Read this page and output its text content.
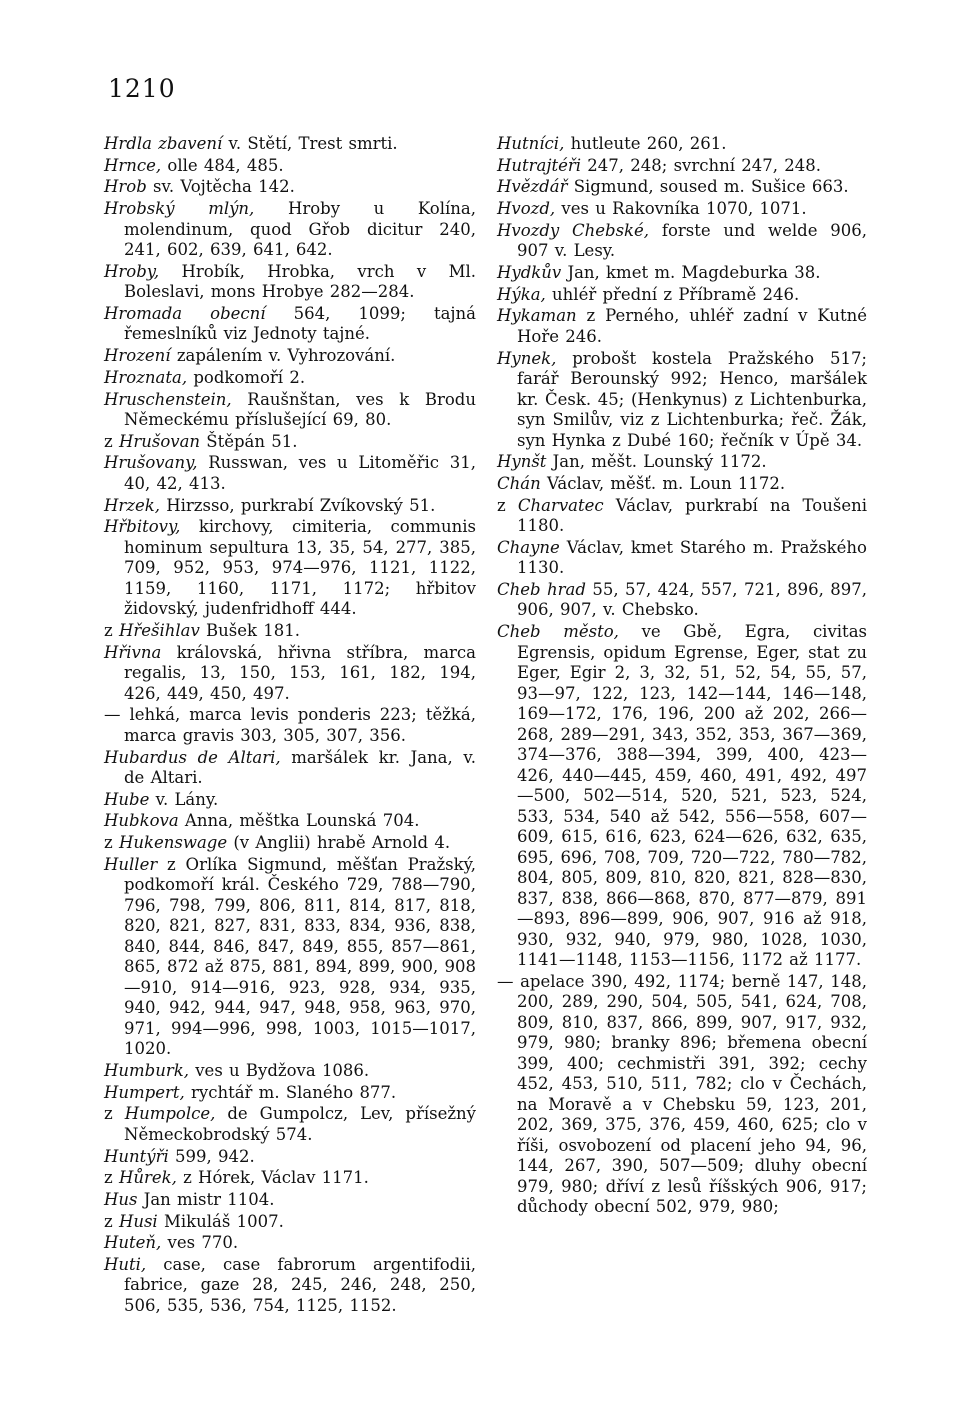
1210
Hrdla zbavení v. Stětí, Trest smrti.
Hrnce, olle 484, 485.
Hrob sv. Vojtěcha 142.
Hrobský mlýn, Hroby u Kolína, molendinum, quod Gřob dicitur 240, 241, 602, 639, 641, 642.
Hroby, Hrobík, Hrobka, vrch v Ml. Boleslavi, mons Hrobye 282—284.
Hromada obecní 564, 1099; tajná řemeslníků viz Jednoty tajné.
Hrození zapálením v. Vyhrozování.
Hroznata, podkomoří 2.
Hruschenstein, Raušnštan, ves k Brodu Německému příslušející 69, 80.
z Hrušovan Štěpán 51.
Hrušovany, Russwan, ves u Litoměřic 31, 40, 42, 413.
Hrzek, Hirzsso, purkrabí Zvíkovský 51.
Hřbitovy, kirchovy, cimiteria, communis hominum sepultura 13, 35, 54, 277, 385, 709, 952, 953, 974—976, 1121, 1122, 1159, 1160, 1171, 1172; hřbitov židovský, judenfridhoff 444.
z Hřešihlav Bušek 181.
Hřivna královská, hřivna stříbra, marca regalis, 13, 150, 153, 161, 182, 194, 426, 449, 450, 497.
— lehká, marca levis ponderis 223; těžká, marca gravis 303, 305, 307, 356.
Hubardus de Altari, maršálek kr. Jana, v. de Altari.
Hube v. Lány.
Hubkova Anna, měštka Lounská 704.
z Hukenswage (v Anglii) hrabě Arnold 4.
Huller z Orlíka Sigmund, měšťan Pražský, podkomoří král. Českého 729, 788—790, 796, 798, 799, 806, 811, 814, 817, 818, 820, 821, 827, 831, 833, 834, 936, 838, 840, 844, 846, 847, 849, 855, 857—861, 865, 872 až 875, 881, 894, 899, 900, 908—910, 914—916, 923, 928, 934, 935, 940, 942, 944, 947, 948, 958, 963, 970, 971, 994—996, 998, 1003, 1015—1017, 1020.
Humburk, ves u Bydžova 1086.
Humpert, rychtář m. Slaného 877.
z Humpolce, de Gumpolcz, Lev, přísežný Německobrodský 574.
Huntýři 599, 942.
z Hůrek, z Hórek, Václav 1171.
Hus Jan mistr 1104.
z Husi Mikuláš 1007.
Huteň, ves 770.
Huti, case, case fabrorum argentifodii, fabrice, gaze 28, 245, 246, 248, 250, 506, 535, 536, 754, 1125, 1152.
Hutníci, hutleute 260, 261.
Hutrajtéři 247, 248; svrchní 247, 248.
Hvězdář Sigmund, soused m. Sušice 663.
Hvozd, ves u Rakovníka 1070, 1071.
Hvozdy Chebské, forste und welde 906, 907 v. Lesy.
Hydkův Jan, kmet m. Magdeburka 38.
Hýka, uhléř přední z Příbramě 246.
Hykaman z Perného, uhléř zadní v Kutné Hoře 246.
Hynek, probošt kostela Pražského 517; farář Berounský 992; Henco, maršálek kr. Česk. 45; (Henkynus) z Lichtenburka, syn Smilův, viz z Lichtenburka; řeč. Žák, syn Hynka z Dubé 160; řečník v Úpě 34.
Hynšt Jan, měšt. Lounský 1172.
Chán Václav, měšť. m. Loun 1172.
z Charvatec Václav, purkrabí na Toušeni 1180.
Chayne Václav, kmet Starého m. Pražského 1130.
Cheb hrad 55, 57, 424, 557, 721, 896, 897, 906, 907, v. Chebsko.
Cheb město, ve Gbě, Egra, civitas Egrensis, opidum Egrense, Eger, stat zu Eger, Egir 2, 3, 32, 51, 52, 54, 55, 57, 93—97, 122, 123, 142—144, 146—148, 169—172, 176, 196, 200 až 202, 266—268, 289—291, 343, 352, 353, 367—369, 374—376, 388—394, 399, 400, 423—426, 440—445, 459, 460, 491, 492, 497—500, 502—514, 520, 521, 523, 524, 533, 534, 540 až 542, 556—558, 607—609, 615, 616, 623, 624—626, 632, 635, 695, 696, 708, 709, 720—722, 780—782, 804, 805, 809, 810, 820, 821, 828—830, 837, 838, 866—868, 870, 877—879, 891—893, 896—899, 906, 907, 916 až 918, 930, 932, 940, 979, 980, 1028, 1030, 1141—1148, 1153—1156, 1172 až 1177.
— apelace 390, 492, 1174; berně 147, 148, 200, 289, 290, 504, 505, 541, 624, 708, 809, 810, 837, 866, 899, 907, 917, 932, 979, 980; branky 896; břemena obecní 399, 400; cechmistři 391, 392; cechy 452, 453, 510, 511, 782; clo v Čechách, na Moravě a v Chebsku 59, 123, 201, 202, 369, 375, 376, 459, 460, 625; clo v říši, osvobození od placení jeho 94, 96, 144, 267, 390, 507—509; dluhy obecní 979, 980; dříví z lesů říšských 906, 917; důchody obecní 502, 979, 980;
